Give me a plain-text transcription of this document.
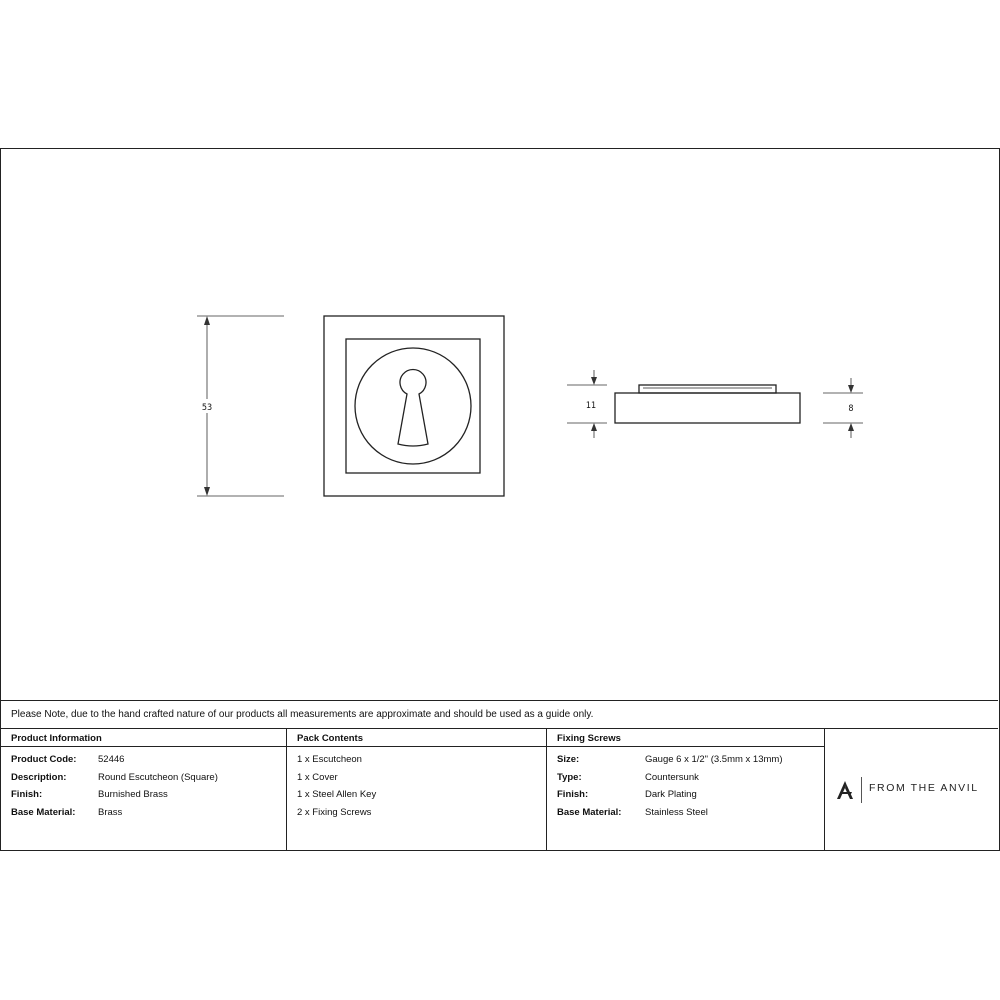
53	11	8
Please Note, due to the hand crafted nature of our products all measurements are approximate and should be used as a guide only.
Product Information
Product Code: 52446
Description:	Round Escutcheon (Square)
Finish:	Burnished Brass
Base Material: Brass
Pack Contents
1 x Escutcheon
1 x Cover
1 x Steel Allen Key
2 x Fixing Screws
Fixing Screws
Size:	Gauge 6 x 1/2" (3.5mm x 13mm)
Type:	Countersunk
Finish:	Dark Plating
Base Material: Stainless Steel
FROM THE ANVIL
